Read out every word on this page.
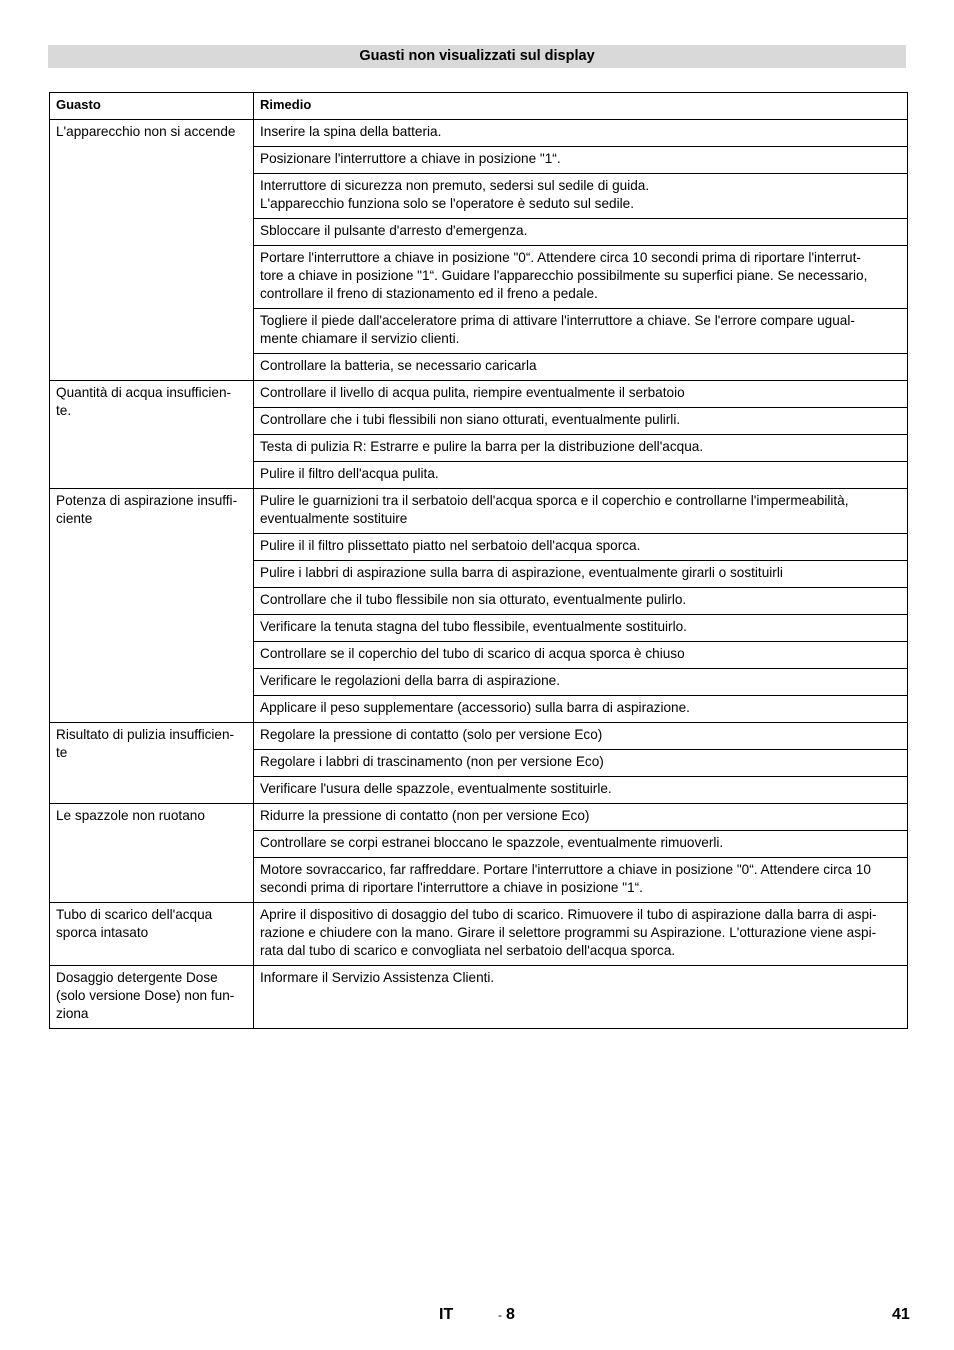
Guasti non visualizzati sul display
Guasto	Rimedio
L'apparecchio non si accende	Inserire la spina della batteria.
	Posizionare l'interruttore a chiave in posizione "1“.
	Interruttore di sicurezza non premuto, sedersi sul sedile di guida.
L'apparecchio funziona solo se l'operatore è seduto sul sedile.
	Sbloccare il pulsante d'arresto d'emergenza.
	Portare l'interruttore a chiave in posizione "0“. Attendere circa 10 secondi prima di riportare l'interrut-
tore a chiave in posizione "1“. Guidare l'apparecchio possibilmente su superfici piane. Se necessario,
controllare il freno di stazionamento ed il freno a pedale.
	Togliere il piede dall'acceleratore prima di attivare l'interruttore a chiave. Se l'errore compare ugual-
mente chiamare il servizio clienti.
	Controllare la batteria, se necessario caricarla
Quantità di acqua insufficien-
te.	Controllare il livello di acqua pulita, riempire eventualmente il serbatoio
	Controllare che i tubi flessibili non siano otturati, eventualmente pulirli.
	Testa di pulizia R: Estrarre e pulire la barra per la distribuzione dell'acqua.
	Pulire il filtro dell'acqua pulita.
Potenza di aspirazione insuffi-
ciente	Pulire le guarnizioni tra il serbatoio dell'acqua sporca e il coperchio e controllarne l'impermeabilità,
eventualmente sostituire
	Pulire il il filtro plissettato piatto nel serbatoio dell'acqua sporca.
	Pulire i labbri di aspirazione sulla barra di aspirazione, eventualmente girarli o sostituirli
	Controllare che il tubo flessibile non sia otturato, eventualmente pulirlo.
	Verificare la tenuta stagna del tubo flessibile, eventualmente sostituirlo.
	Controllare se il coperchio del tubo di scarico di acqua sporca è chiuso
	Verificare le regolazioni della barra di aspirazione.
	Applicare il peso supplementare (accessorio) sulla barra di aspirazione.
Risultato di pulizia insufficien-
te	Regolare la pressione di contatto (solo per versione Eco)
	Regolare i labbri di trascinamento (non per versione Eco)
	Verificare l'usura delle spazzole, eventualmente sostituirle.
Le spazzole non ruotano	Ridurre la pressione di contatto (non per versione Eco)
	Controllare se corpi estranei bloccano le spazzole, eventualmente rimuoverli.
	Motore sovraccarico, far raffreddare. Portare l'interruttore a chiave in posizione "0“. Attendere circa 10
secondi prima di riportare l'interruttore a chiave in posizione "1“.
Tubo di scarico dell'acqua
sporca intasato	Aprire il dispositivo di dosaggio del tubo di scarico. Rimuovere il tubo di aspirazione dalla barra di aspi-
razione e chiudere con la mano. Girare il selettore programmi su Aspirazione. L'otturazione viene aspi-
rata dal tubo di scarico e convogliata nel serbatoio dell'acqua sporca.
Dosaggio detergente Dose
(solo versione Dose) non fun-
ziona	Informare il Servizio Assistenza Clienti.
IT	- 8	41
